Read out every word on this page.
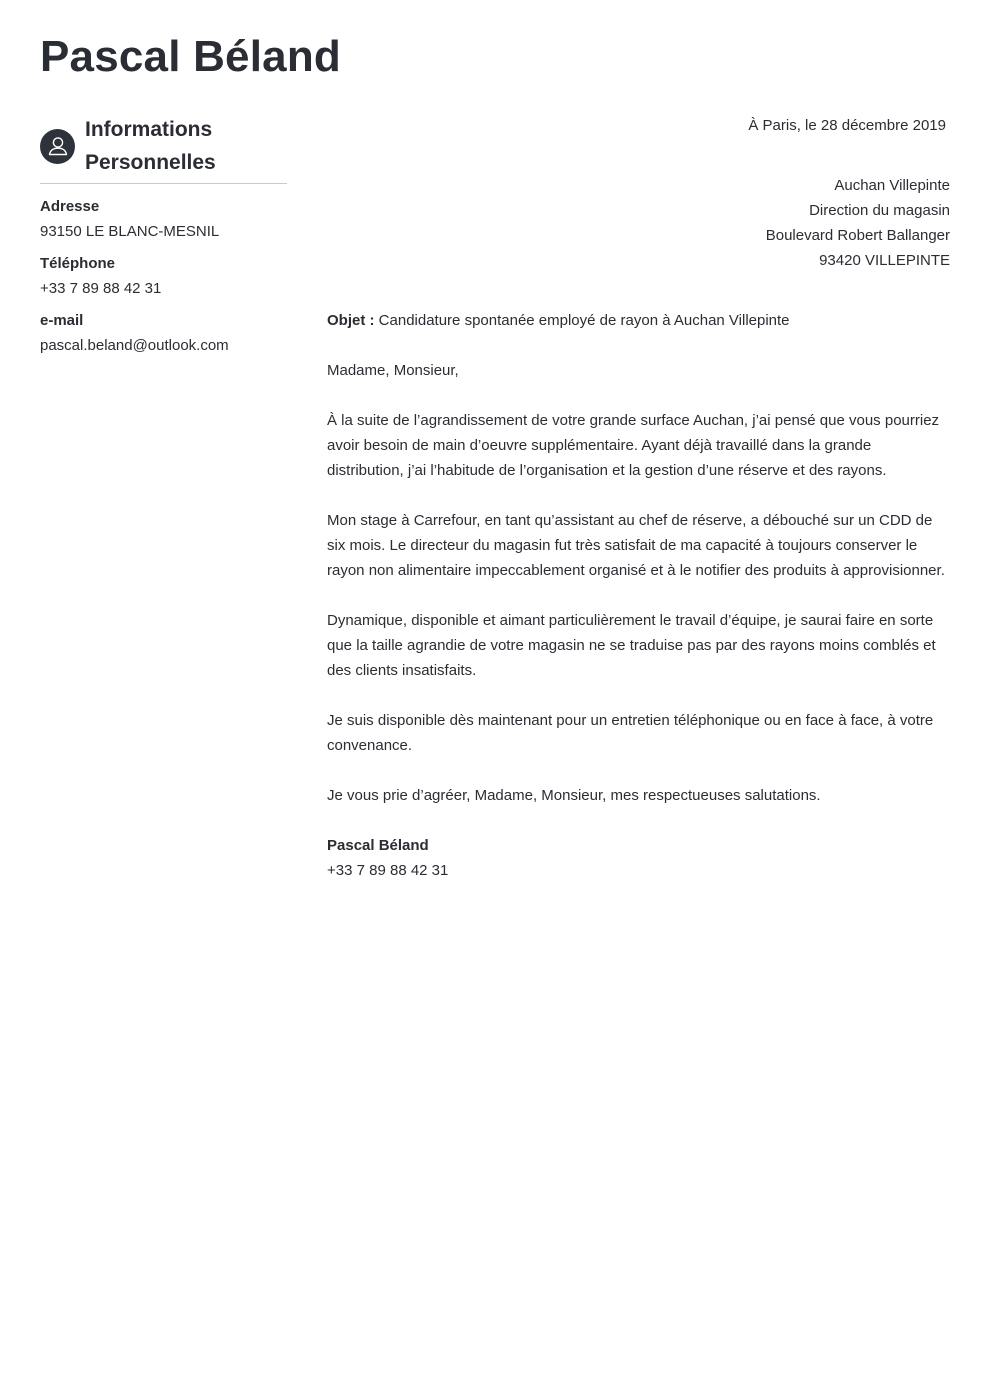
Pascal Béland
Informations Personnelles
Adresse
93150 LE BLANC-MESNIL
Téléphone
+33 7 89 88 42 31
e-mail
pascal.beland@outlook.com

À Paris, le 28 décembre 2019

Auchan Villepinte
Direction du magasin
Boulevard Robert Ballanger
93420 VILLEPINTE
Objet : Candidature spontanée employé de rayon à Auchan Villepinte

Madame, Monsieur,

À la suite de l’agrandissement de votre grande surface Auchan, j’ai pensé que vous pourriez avoir besoin de main d’oeuvre supplémentaire. Ayant déjà travaillé dans la grande distribution, j’ai l’habitude de l’organisation et la gestion d’une réserve et des rayons.

Mon stage à Carrefour, en tant qu’assistant au chef de réserve, a débouché sur un CDD de six mois. Le directeur du magasin fut très satisfait de ma capacité à toujours conserver le rayon non alimentaire impeccablement organisé et à le notifier des produits à approvisionner.

Dynamique, disponible et aimant particulièrement le travail d’équipe, je saurai faire en sorte que la taille agrandie de votre magasin ne se traduise pas par des rayons moins comblés et des clients insatisfaits.

Je suis disponible dès maintenant pour un entretien téléphonique ou en face à face, à votre convenance.

Je vous prie d’agréer, Madame, Monsieur, mes respectueuses salutations.

Pascal Béland
+33 7 89 88 42 31
